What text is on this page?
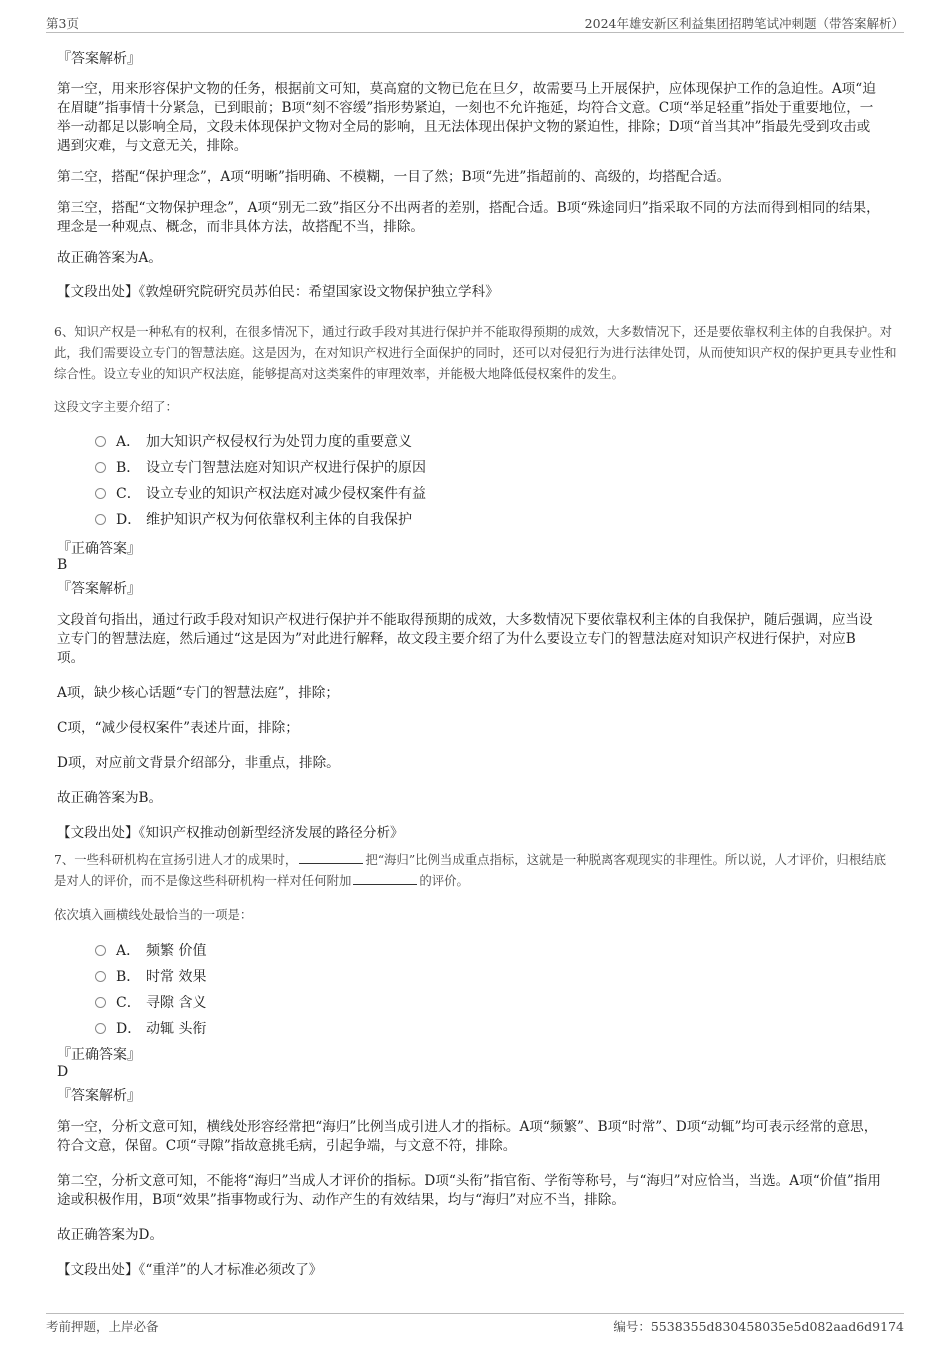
第3页	2024年雄安新区利益集团招聘笔试冲刺题（带答案解析）
『答案解析』

第一空，用来形容保护文物的任务，根据前文可知，莫高窟的文物已危在旦夕，故需要马上开展保护，应体现保护工作的急迫性。A项“迫在眉睫”指事情十分紧急，已到眼前；B项“刻不容缓”指形势紧迫，一刻也不允许拖延，均符合文意。C项“举足轻重”指处于重要地位，一举一动都足以影响全局，文段未体现保护文物对全局的影响，且无法体现出保护文物的紧迫性，排除；D项“首当其冲”指最先受到攻击或遇到灾难，与文意无关，排除。

第二空，搭配“保护理念”，A项“明晰”指明确、不模糊，一目了然；B项“先进”指超前的、高级的，均搭配合适。

第三空，搭配“文物保护理念”，A项“别无二致”指区分不出两者的差别，搭配合适。B项“殊途同归”指采取不同的方法而得到相同的结果，理念是一种观点、概念，而非具体方法，故搭配不当，排除。

故正确答案为A。

【文段出处】《敦煌研究院研究员苏伯民：希望国家设文物保护独立学科》

6、知识产权是一种私有的权利，在很多情况下，通过行政手段对其进行保护并不能取得预期的成效，大多数情况下，还是要依靠权利主体的自我保护。对此，我们需要设立专门的智慧法庭。这是因为，在对知识产权进行全面保护的同时，还可以对侵犯行为进行法律处罚，从而使知识产权的保护更具专业性和综合性。设立专业的知识产权法庭，能够提高对这类案件的审理效率，并能极大地降低侵权案件的发生。

这段文字主要介绍了：

A． 加大知识产权侵权行为处罚力度的重要意义
B． 设立专门智慧法庭对知识产权进行保护的原因
C． 设立专业的知识产权法庭对减少侵权案件有益
D． 维护知识产权为何依靠权利主体的自我保护
『正确答案』
B
『答案解析』

文段首句指出，通过行政手段对知识产权进行保护并不能取得预期的成效，大多数情况下要依靠权利主体的自我保护，随后强调，应当设立专门的智慧法庭，然后通过“这是因为”对此进行解释，故文段主要介绍了为什么要设立专门的智慧法庭对知识产权进行保护，对应B项。

A项，缺少核心话题“专门的智慧法庭”，排除；

C项，“减少侵权案件”表述片面，排除；

D项，对应前文背景介绍部分，非重点，排除。

故正确答案为B。

【文段出处】《知识产权推动创新型经济发展的路径分析》

7、一些科研机构在宣扬引进人才的成果时，	把“海归”比例当成重点指标，这就是一种脱离客观现实的非理性。所以说，人才评价，归根结底是对人的评价，而不是像这些科研机构一样对任何附加	的评价。

依次填入画横线处最恰当的一项是：

A． 频繁 价值
B． 时常 效果
C． 寻隙 含义
D． 动辄 头衔
『正确答案』
D
『答案解析』

第一空，分析文意可知，横线处形容经常把“海归”比例当成引进人才的指标。A项“频繁”、B项“时常”、D项“动辄”均可表示经常的意思，符合文意，保留。C项“寻隙”指故意挑毛病，引起争端，与文意不符，排除。

第二空，分析文意可知，不能将“海归”当成人才评价的指标。D项“头衔”指官衔、学衔等称号，与“海归”对应恰当，当选。A项“价值”指用途或积极作用，B项“效果”指事物或行为、动作产生的有效结果，均与“海归”对应不当，排除。

故正确答案为D。

【文段出处】《“重洋”的人才标准必须改了》

考前押题，上岸必备	编号：5538355d830458035e5d082aad6d9174
